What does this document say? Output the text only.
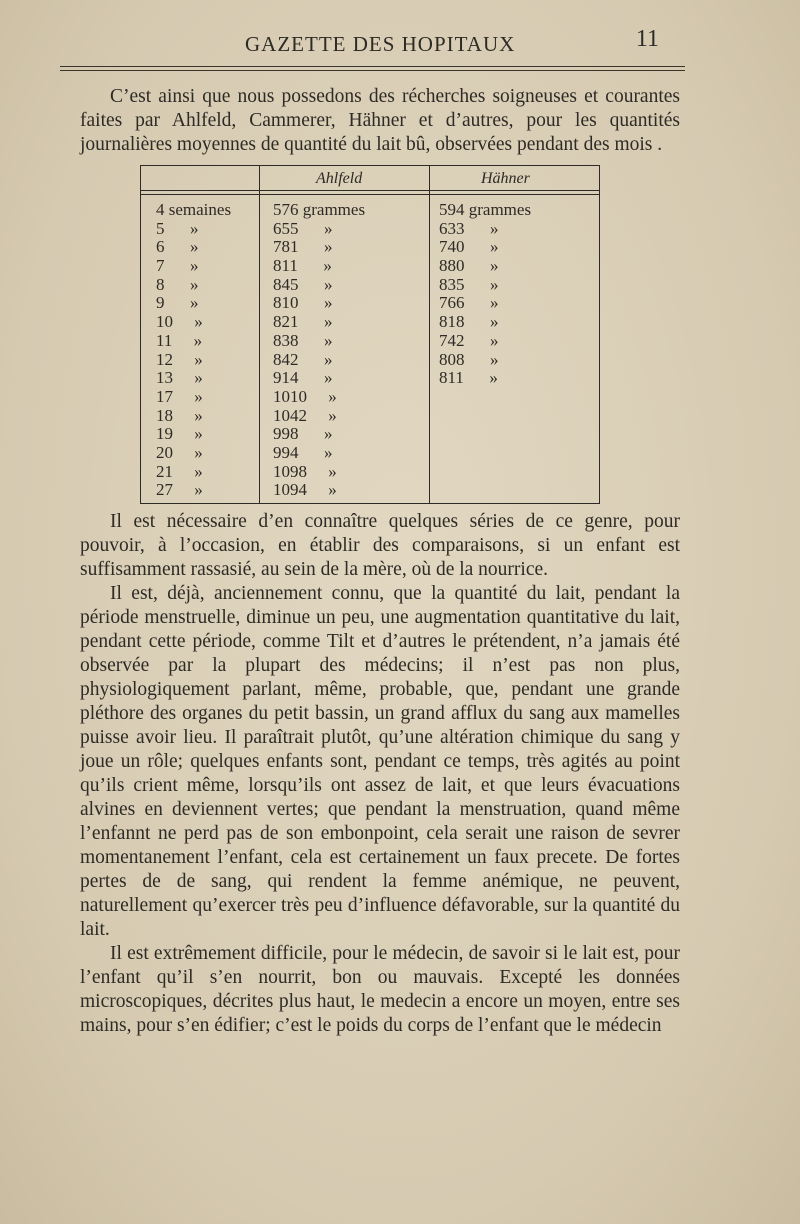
GAZETTE DES HOPITAUX	11
C’est ainsi que nous possedons des récherches soigneuses et courantes faites par Ahlfeld, Cammerer, Hähner et d’autres, pour les quantités journalières moyennes de quantité du lait bû, observées pendant des mois .
Ahlfeld	Hähner
4 semaines
5      »
6      »
7      »
8      »
9      »
10     »
11     »
12     »
13     »
17     »
18     »
19     »
20     »
21     »
27     »
576 grammes
655      »
781      »
811      »
845      »
810      »
821      »
838      »
842      »
914      »
1010     »
1042     »
998      »
994      »
1098     »
1094     »
594 grammes
633      »
740      »
880      »
835      »
766      »
818      »
742      »
808      »
811      »

Il est nécessaire d’en connaître quelques séries de ce genre, pour pouvoir, à l’occasion, en établir des comparaisons, si un enfant est suffisamment rassasié, au sein de la mère, où de la nourrice.

Il est, déjà, anciennement connu, que la quantité du lait, pendant la période menstruelle, diminue un peu, une augmentation quantitative du lait, pendant cette période, comme Tilt et d’autres le prétendent, n’a jamais été observée par la plupart des médecins; il n’est pas non plus, physiologiquement parlant, même, probable, que, pendant une grande pléthore des organes du petit bassin, un grand afflux du sang aux mamelles puisse avoir lieu. Il paraîtrait plutôt, qu’une altération chimique du sang y joue un rôle; quelques enfants sont, pendant ce temps, très agités au point qu’ils crient même, lorsqu’ils ont assez de lait, et que leurs évacuations alvines en deviennent vertes; que pendant la menstruation, quand même l’enfannt ne perd pas de son embonpoint, cela serait une raison de sevrer momentanement l’enfant, cela est certainement un faux precete. De fortes pertes de de sang, qui rendent la femme anémique, ne peuvent, naturellement qu’exercer très peu d’influence défavorable, sur la quantité du lait.

Il est extrêmement difficile, pour le médecin, de savoir si le lait est, pour l’enfant qu’il s’en nourrit, bon ou mauvais. Excepté les données microscopiques, décrites plus haut, le medecin a encore un moyen, entre ses mains, pour s’en édifier; c’est le poids du corps de l’enfant que le médecin
